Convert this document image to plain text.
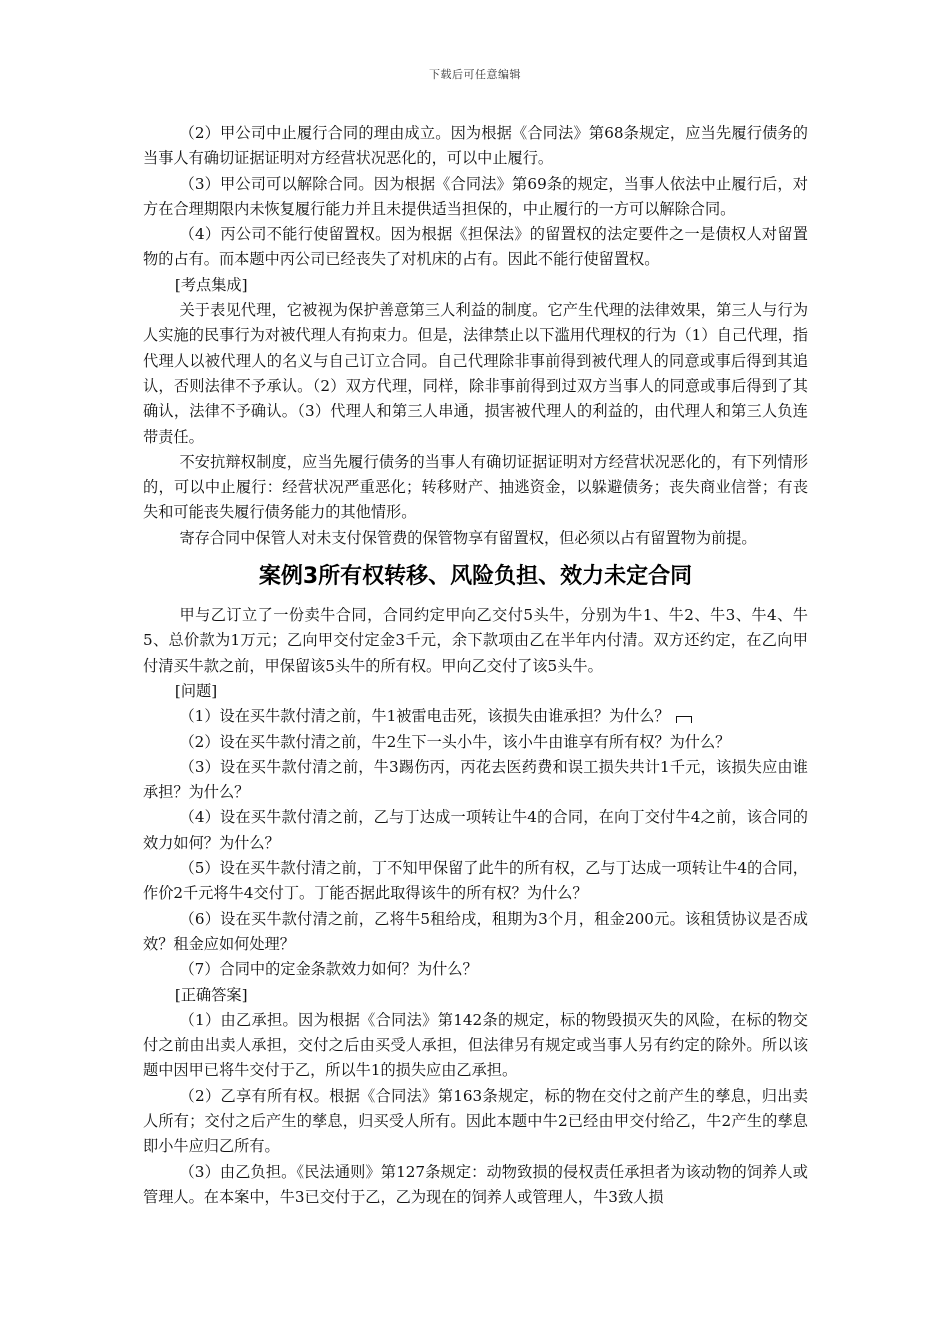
下载后可任意编辑

（2）甲公司中止履行合同的理由成立。因为根据《合同法》第68条规定，应当先履行债务的当事人有确切证据证明对方经营状况恶化的，可以中止履行。

（3）甲公司可以解除合同。因为根据《合同法》第69条的规定，当事人依法中止履行后，对方在合理期限内未恢复履行能力并且未提供适当担保的，中止履行的一方可以解除合同。

（4）丙公司不能行使留置权。因为根据《担保法》的留置权的法定要件之一是债权人对留置物的占有。而本题中丙公司已经丧失了对机床的占有。因此不能行使留置权。

[考点集成]

关于表见代理，它被视为保护善意第三人利益的制度。它产生代理的法律效果，第三人与行为人实施的民事行为对被代理人有拘束力。但是，法律禁止以下滥用代理权的行为（1）自己代理，指代理人以被代理人的名义与自己订立合同。自己代理除非事前得到被代理人的同意或事后得到其追认，否则法律不予承认。（2）双方代理，同样，除非事前得到过双方当事人的同意或事后得到了其确认，法律不予确认。（3）代理人和第三人串通，损害被代理人的利益的，由代理人和第三人负连带责任。

不安抗辩权制度，应当先履行债务的当事人有确切证据证明对方经营状况恶化的，有下列情形的，可以中止履行：经营状况严重恶化；转移财产、抽逃资金，以躲避债务；丧失商业信誉；有丧失和可能丧失履行债务能力的其他情形。

寄存合同中保管人对未支付保管费的保管物享有留置权，但必须以占有留置物为前提。

案例3所有权转移、风险负担、效力未定合同

甲与乙订立了一份卖牛合同，合同约定甲向乙交付5头牛，分别为牛1、牛2、牛3、牛4、牛5、总价款为1万元；乙向甲交付定金3千元，余下款项由乙在半年内付清。双方还约定，在乙向甲付清买牛款之前，甲保留该5头牛的所有权。甲向乙交付了该5头牛。

[问题]

（1）设在买牛款付清之前，牛1被雷电击死，该损失由谁承担？为什么？

（2）设在买牛款付清之前，牛2生下一头小牛，该小牛由谁享有所有权？为什么？

（3）设在买牛款付清之前，牛3踢伤丙，丙花去医药费和误工损失共计1千元，该损失应由谁承担？为什么？

（4）设在买牛款付清之前，乙与丁达成一项转让牛4的合同，在向丁交付牛4之前，该合同的效力如何？为什么？

（5）设在买牛款付清之前，丁不知甲保留了此牛的所有权，乙与丁达成一项转让牛4的合同，作价2千元将牛4交付丁。丁能否据此取得该牛的所有权？为什么？

（6）设在买牛款付清之前，乙将牛5租给戌，租期为3个月，租金200元。该租赁协议是否成效？租金应如何处理？

（7）合同中的定金条款效力如何？为什么？

[正确答案]

（1）由乙承担。因为根据《合同法》第142条的规定，标的物毁损灭失的风险，在标的物交付之前由出卖人承担，交付之后由买受人承担，但法律另有规定或当事人另有约定的除外。所以该题中因甲已将牛交付于乙，所以牛1的损失应由乙承担。

（2）乙享有所有权。根据《合同法》第163条规定，标的物在交付之前产生的孳息，归出卖人所有；交付之后产生的孳息，归买受人所有。因此本题中牛2已经由甲交付给乙，牛2产生的孳息即小牛应归乙所有。

（3）由乙负担。《民法通则》第127条规定：动物致损的侵权责任承担者为该动物的饲养人或管理人。在本案中，牛3已交付于乙，乙为现在的饲养人或管理人，牛3致人损
